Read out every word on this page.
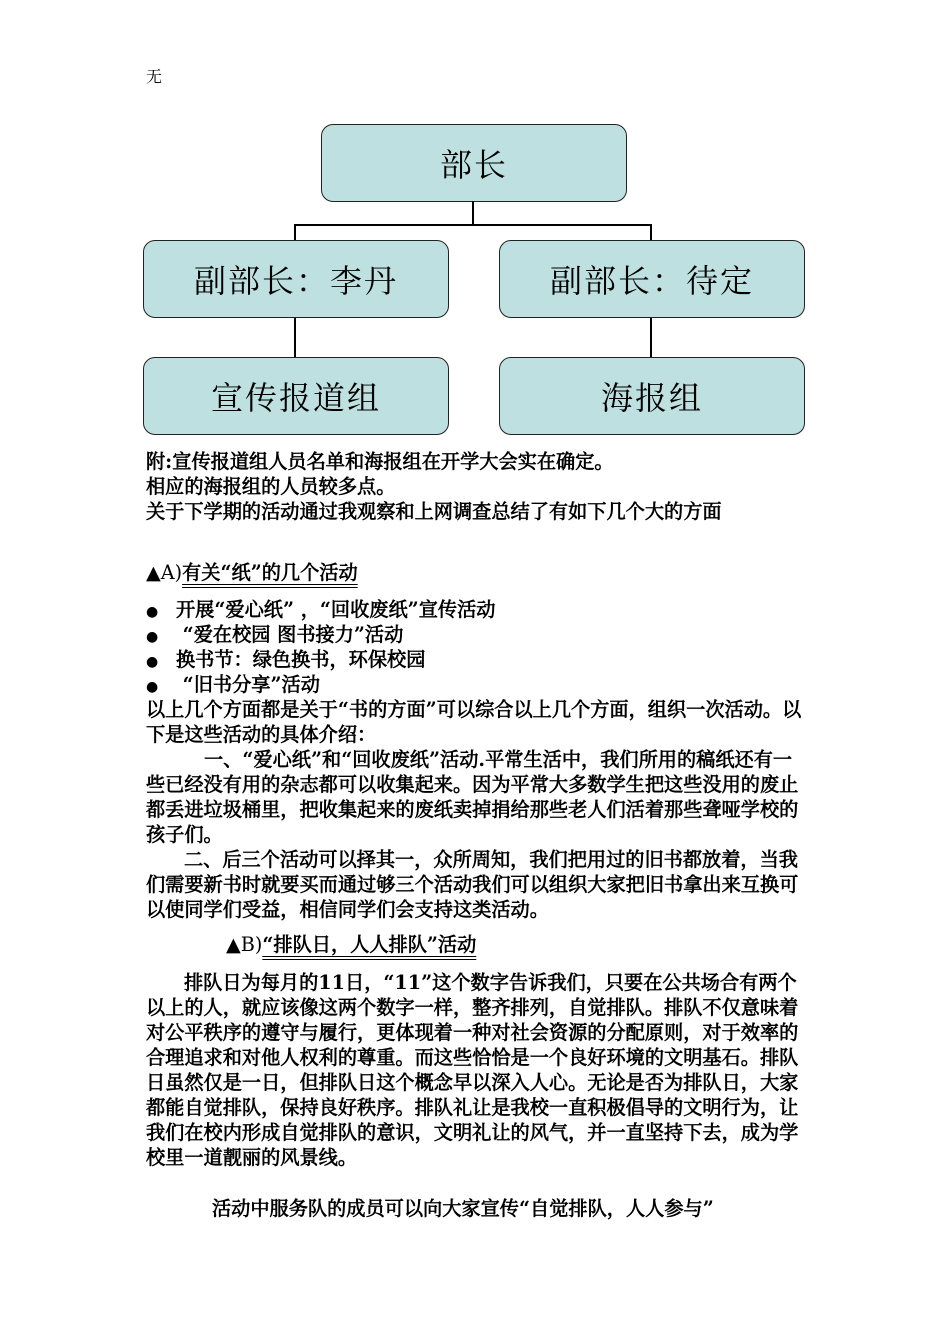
无
部长
副部长：李丹	副部长：待定
宣传报道组	海报组
附:宣传报道组人员名单和海报组在开学大会实在确定。
相应的海报组的人员较多点。
关于下学期的活动通过我观察和上网调查总结了有如下几个大的方面
▲A)有关“纸”的几个活动
● 开展“爱心纸” ，“回收废纸”宣传活动
● “爱在校园 图书接力”活动
● 换书节：绿色换书，环保校园
● “旧书分享”活动
以上几个方面都是关于“书的方面”可以综合以上几个方面，组织一次活动。以下是这些活动的具体介绍：
一、“爱心纸”和“回收废纸”活动.平常生活中，我们所用的稿纸还有一些已经没有用的杂志都可以收集起来。因为平常大多数学生把这些没用的废止都丢进垃圾桶里，把收集起来的废纸卖掉捐给那些老人们活着那些聋哑学校的孩子们。
二、后三个活动可以择其一，众所周知，我们把用过的旧书都放着，当我们需要新书时就要买而通过够三个活动我们可以组织大家把旧书拿出来互换可以使同学们受益，相信同学们会支持这类活动。
▲B)“排队日，人人排队”活动
排队日为每月的11日，“11”这个数字告诉我们，只要在公共场合有两个以上的人，就应该像这两个数字一样，整齐排列，自觉排队。排队不仅意味着对公平秩序的遵守与履行，更体现着一种对社会资源的分配原则，对于效率的合理追求和对他人权利的尊重。而这些恰恰是一个良好环境的文明基石。排队日虽然仅是一日，但排队日这个概念早以深入人心。无论是否为排队日，大家都能自觉排队，保持良好秩序。排队礼让是我校一直积极倡导的文明行为，让我们在校内形成自觉排队的意识，文明礼让的风气，并一直坚持下去，成为学校里一道靓丽的风景线。
活动中服务队的成员可以向大家宣传“自觉排队，人人参与”
